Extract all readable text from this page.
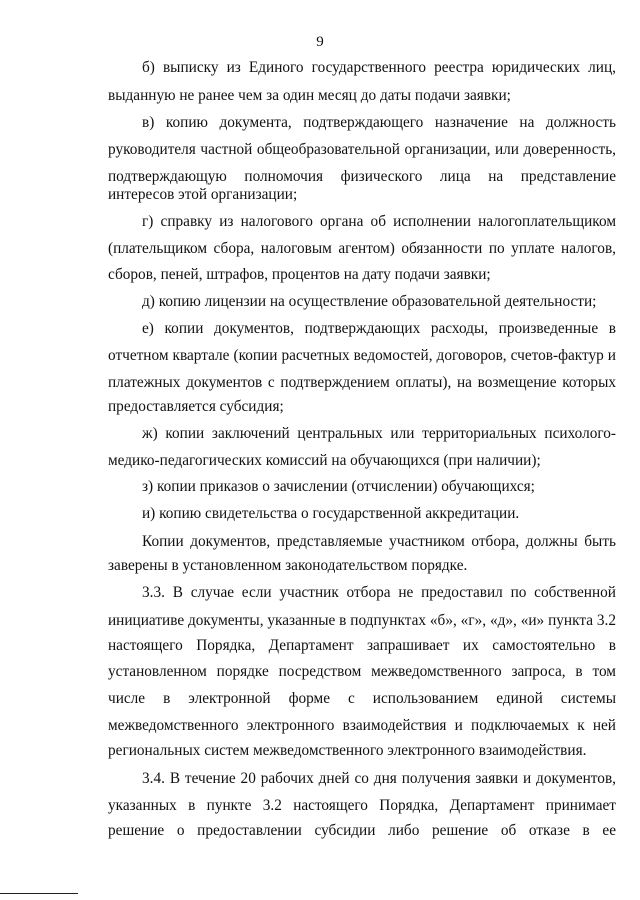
9
б) выписку из Единого государственного реестра юридических лиц,
выданную не ранее чем за один месяц до даты подачи заявки;
в) копию документа, подтверждающего назначение на должность
руководителя частной общеобразовательной организации, или доверенность,
подтверждающую полномочия физического лица на представление
интересов этой организации;
г) справку из налогового органа об исполнении налогоплательщиком
(плательщиком сбора, налоговым агентом) обязанности по уплате налогов,
сборов, пеней, штрафов, процентов на дату подачи заявки;
д) копию лицензии на осуществление образовательной деятельности;
е) копии документов, подтверждающих расходы, произведенные в
отчетном квартале (копии расчетных ведомостей, договоров, счетов-фактур и
платежных документов с подтверждением оплаты), на возмещение которых
предоставляется субсидия;
ж) копии заключений центральных или территориальных психолого-
медико-педагогических комиссий на обучающихся (при наличии);
з) копии приказов о зачислении (отчислении) обучающихся;
и) копию свидетельства о государственной аккредитации.
Копии документов, представляемые участником отбора, должны быть
заверены в установленном законодательством порядке.
3.3. В случае если участник отбора не предоставил по собственной
инициативе документы, указанные в подпунктах «б», «г», «д», «и» пункта 3.2
настоящего Порядка, Департамент запрашивает их самостоятельно в
установленном порядке посредством межведомственного запроса, в том
числе в электронной форме с использованием единой системы
межведомственного электронного взаимодействия и подключаемых к ней
региональных систем межведомственного электронного взаимодействия.
3.4. В течение 20 рабочих дней со дня получения заявки и документов,
указанных в пункте 3.2 настоящего Порядка, Департамент принимает
решение о предоставлении субсидии либо решение об отказе в ее
